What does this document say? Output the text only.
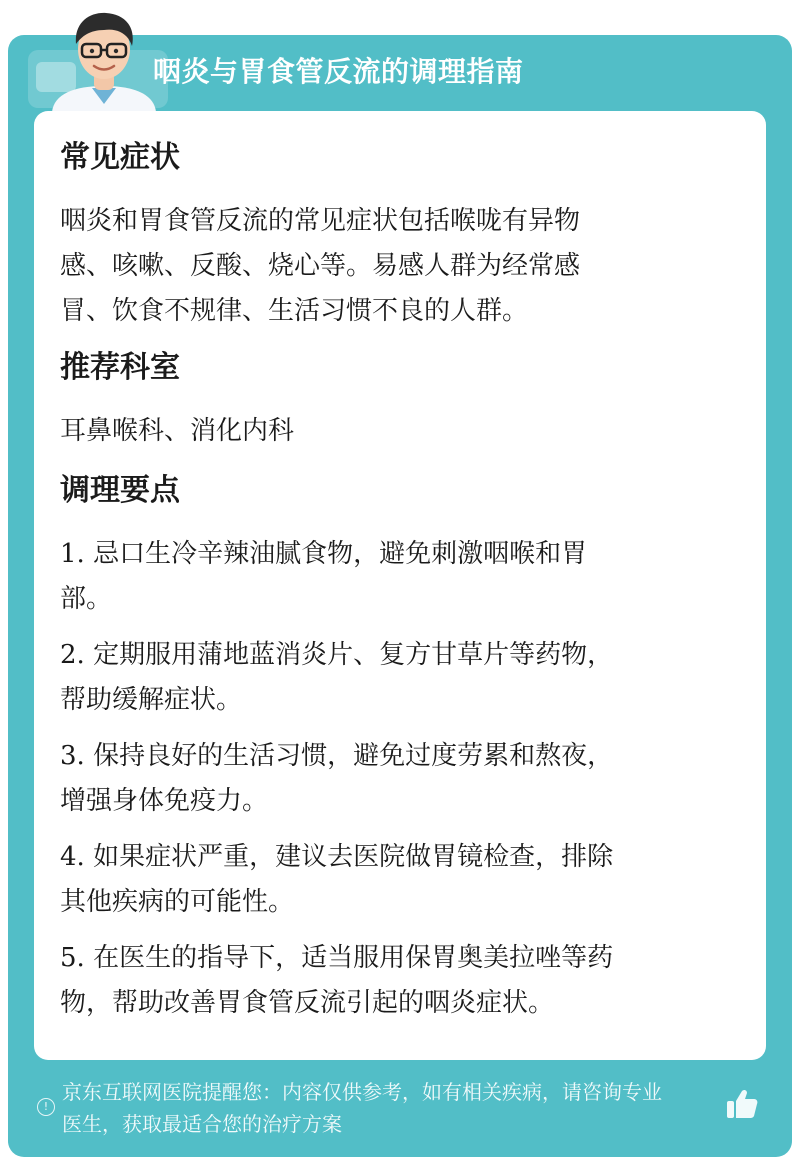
咽炎与胃食管反流的调理指南
常见症状

咽炎和胃食管反流的常见症状包括喉咙有异物

感、咳嗽、反酸、烧心等。易感人群为经常感

冒、饮食不规律、生活习惯不良的人群。

推荐科室

耳鼻喉科、消化内科

调理要点
1. 忌口生冷辛辣油腻食物，避免刺激咽喉和胃
部。
2. 定期服用蒲地蓝消炎片、复方甘草片等药物，
帮助缓解症状。
3. 保持良好的生活习惯，避免过度劳累和熬夜，
增强身体免疫力。
4. 如果症状严重，建议去医院做胃镜检查，排除
其他疾病的可能性。
5. 在医生的指导下，适当服用保胃奥美拉唑等药
物，帮助改善胃食管反流引起的咽炎症状。
!
京东互联网医院提醒您：内容仅供参考，如有相关疾病，请咨询专业
医生，获取最适合您的治疗方案
